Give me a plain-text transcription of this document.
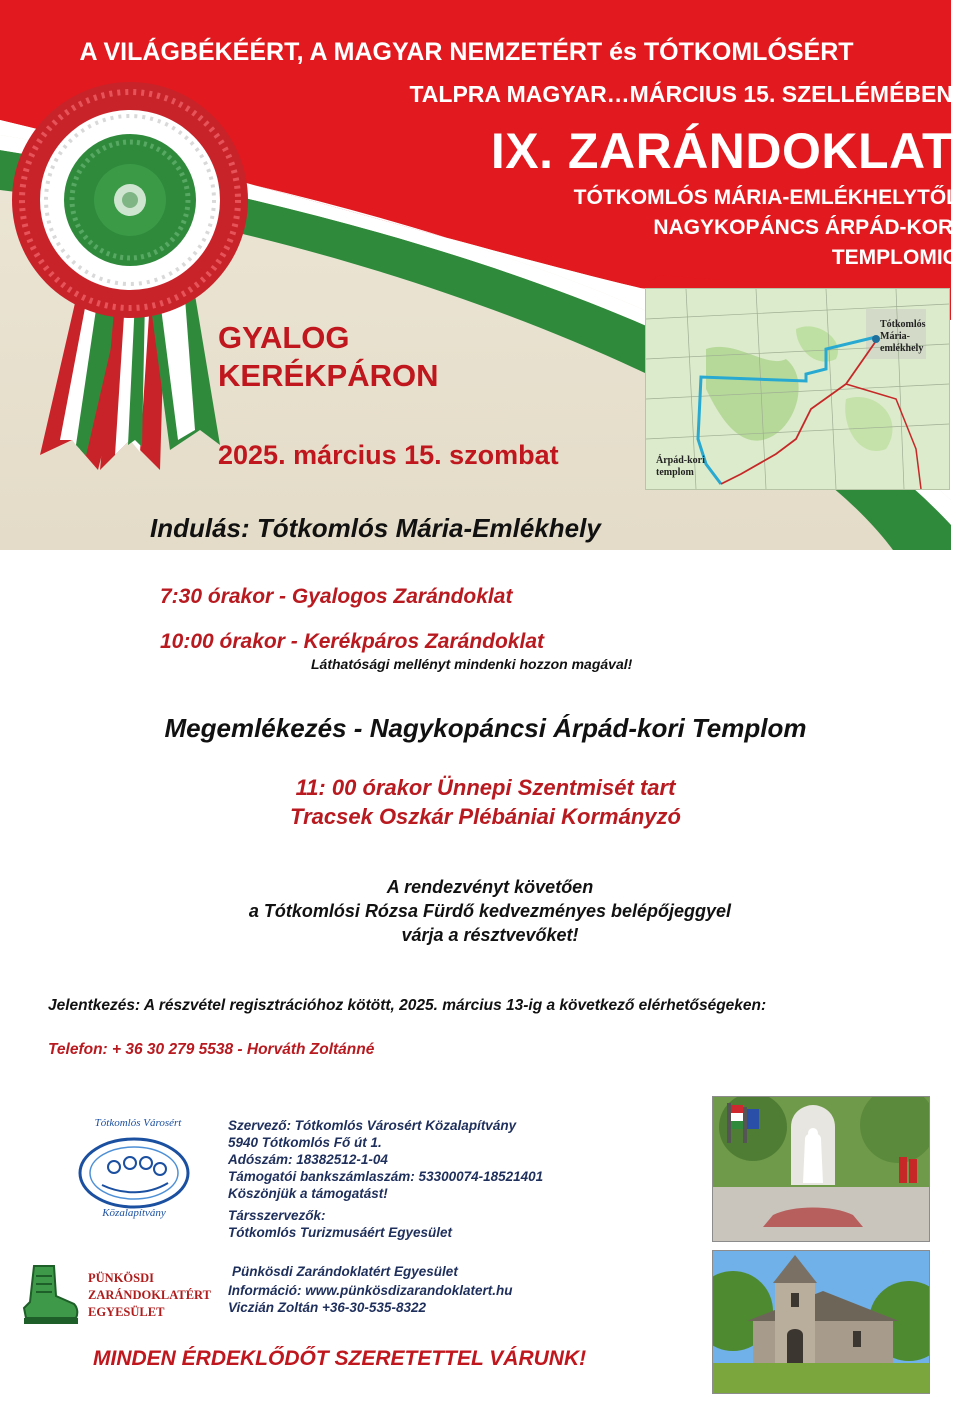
A VILÁGBÉKÉÉRT, A MAGYAR NEMZETÉRT és TÓTKOMLÓSÉRT
TALPRA MAGYAR…MÁRCIUS 15. SZELLÉMÉBEN
IX. ZARÁNDOKLAT
TÓTKOMLÓS MÁRIA-EMLÉKHELYTŐL
NAGYKOPÁNCS ÁRPÁD-KORI
TEMPLOMIG
GYALOG
KERÉKPÁRON
2025. március 15. szombat
Tótkomlós
Mária-emlékhely
Árpád-kori
templom
Indulás: Tótkomlós Mária-Emlékhely
7:30 órakor - Gyalogos Zarándoklat
10:00 órakor - Kerékpáros Zarándoklat
Láthatósági mellényt mindenki hozzon magával!
Megemlékezés - Nagykopáncsi Árpád-kori Templom
11: 00 órakor Ünnepi Szentmisét tart
Tracsek Oszkár Plébániai Kormányzó
A rendezvényt követően
a Tótkomlósi Rózsa Fürdő kedvezményes belépőjeggyel
várja a résztvevőket!
Jelentkezés: A részvétel regisztrációhoz kötött, 2025. március 13-ig a következő elérhetőségeken:
Telefon: + 36 30 279 5538 - Horváth Zoltánné
Tótkomlós Városért
Közalapítvány
Szervező: Tótkomlós Városért Közalapítvány
5940 Tótkomlós Fő út 1.
Adószám: 18382512-1-04
Támogatói bankszámlaszám: 53300074-18521401
Köszönjük a támogatást!
Társszervezők:
Tótkomlós Turizmusáért Egyesület
PÜNKÖSDI
ZARÁNDOKLATÉRT
EGYESÜLET
Pünkösdi Zarándoklatért Egyesület
Információ: www.pünkösdizarandoklatert.hu
Viczián Zoltán +36-30-535-8322
MINDEN ÉRDEKLŐDŐT SZERETETTEL VÁRUNK!
